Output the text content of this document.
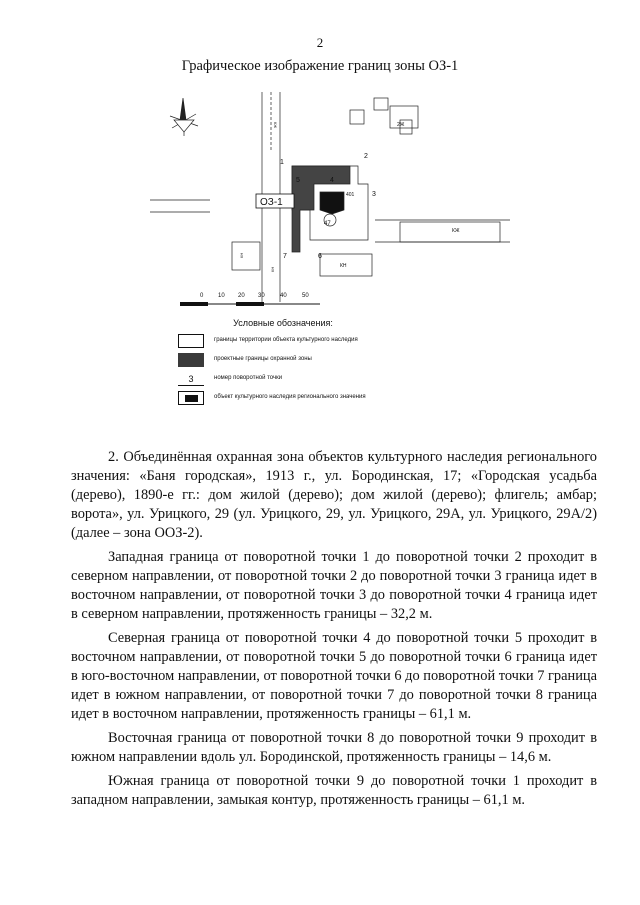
2
Графическое изображение границ зоны ОЗ-1
1
2
3
4
5
6
7
47
401
КЖ
КН
КН
2Ж
КЖ
КН
ОЗ-1
0 10 20 30	40	50
Условные обозначения:
границы территории объекта культурного наследия
проектные границы охранной зоны
3	номер поворотной точки
объект культурного наследия регионального значения

2. Объединённая охранная зона объектов культурного наследия регионального значения: «Баня городская», 1913 г., ул. Бородинская, 17; «Городская усадьба (дерево), 1890-е гг.: дом жилой (дерево); дом жилой (дерево); флигель; амбар; ворота», ул. Урицкого, 29 (ул. Урицкого, 29, ул. Урицкого, 29А, ул. Урицкого, 29А/2) (далее – зона ООЗ-2).

Западная граница от поворотной точки 1 до поворотной точки 2 проходит в северном направлении, от поворотной точки 2 до поворотной точки 3 граница идет в восточном направлении, от поворотной точки 3 до поворотной точки 4 граница идет в северном направлении, протяженность границы – 32,2 м.

Северная граница от поворотной точки 4 до поворотной точки 5 проходит в восточном направлении, от поворотной точки 5 до поворотной точки 6 граница идет в юго-восточном направлении, от поворотной точки 6 до поворотной точки 7 граница идет в южном направлении, от поворотной точки 7 до поворотной точки 8 граница идет в восточном направлении, протяженность границы – 61,1 м.

Восточная граница от поворотной точки 8 до поворотной точки 9 проходит в южном направлении вдоль ул. Бородинской, протяженность границы – 14,6 м.

Южная граница от поворотной точки 9 до поворотной точки 1 проходит в западном направлении, замыкая контур, протяженность границы – 61,1 м.
